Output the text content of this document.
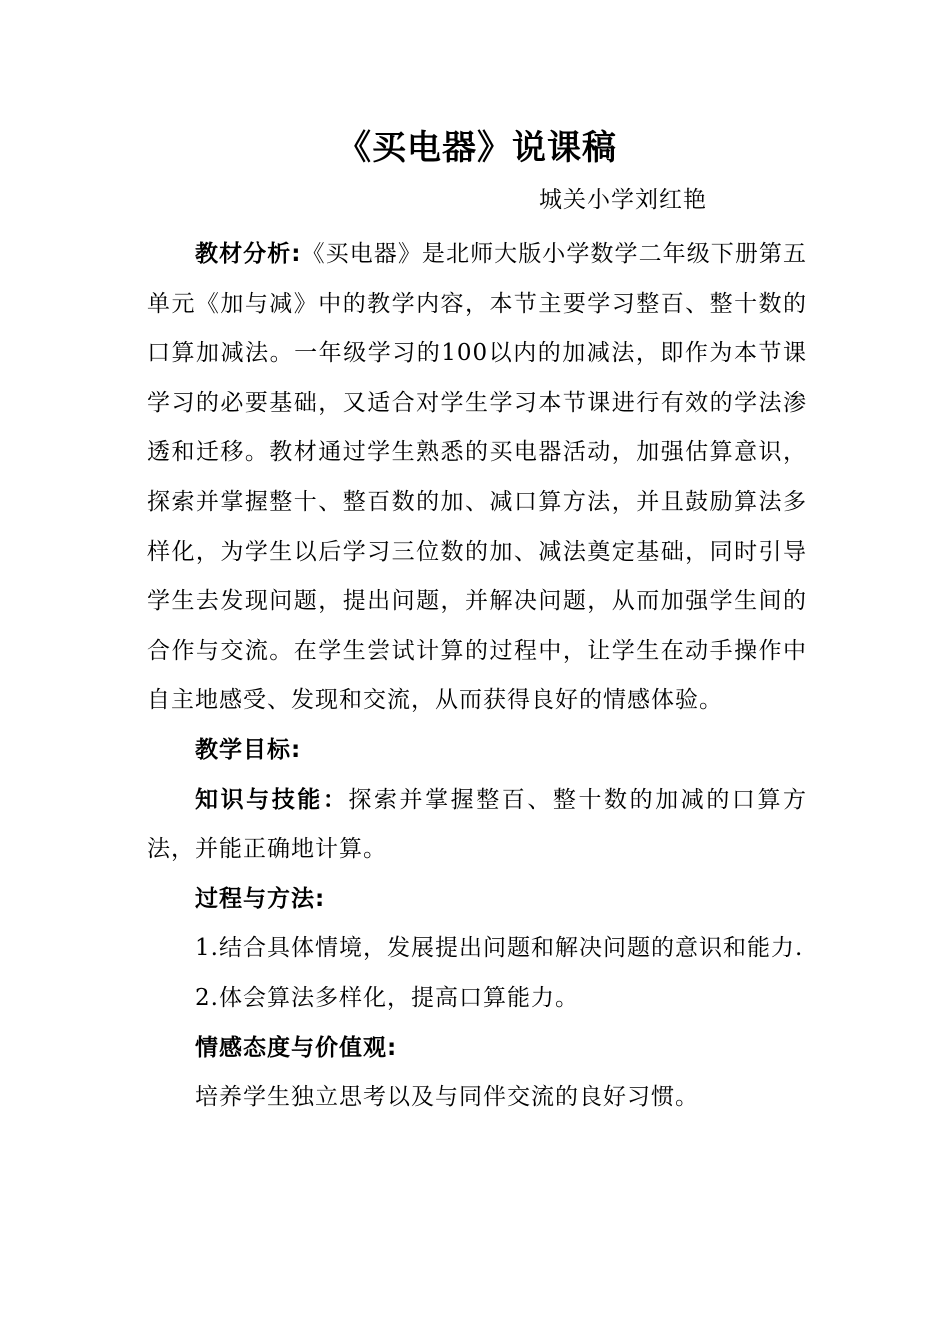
《买电器》说课稿

城关小学刘红艳

教材分析:《买电器》是北师大版小学数学二年级下册第五单元《加与减》中的教学内容，本节主要学习整百、整十数的口算加减法。一年级学习的100以内的加减法，即作为本节课学习的必要基础，又适合对学生学习本节课进行有效的学法渗透和迁移。教材通过学生熟悉的买电器活动，加强估算意识，探索并掌握整十、整百数的加、减口算方法，并且鼓励算法多样化，为学生以后学习三位数的加、减法奠定基础，同时引导学生去发现问题，提出问题，并解决问题，从而加强学生间的合作与交流。在学生尝试计算的过程中，让学生在动手操作中自主地感受、发现和交流，从而获得良好的情感体验。

教学目标:

知识与技能：探索并掌握整百、整十数的加减的口算方法，并能正确地计算。

过程与方法:

1.结合具体情境，发展提出问题和解决问题的意识和能力.

2.体会算法多样化，提高口算能力。

情感态度与价值观:

培养学生独立思考以及与同伴交流的良好习惯。
